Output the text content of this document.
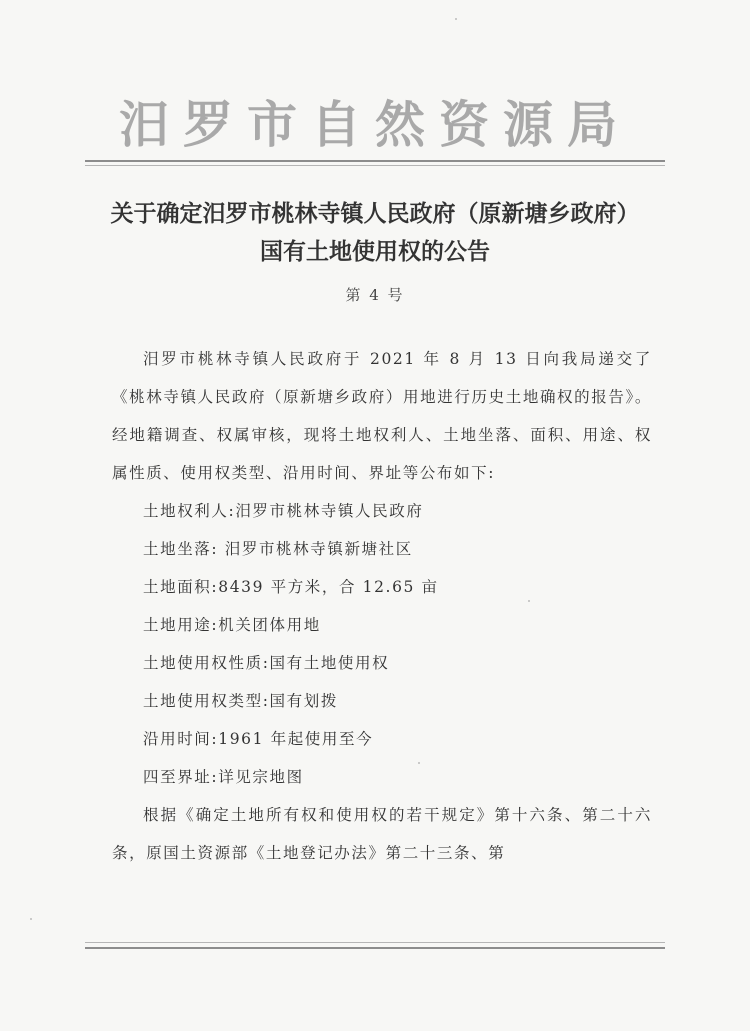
汨罗市自然资源局
关于确定汨罗市桃林寺镇人民政府（原新塘乡政府）国有土地使用权的公告
第 4 号

汨罗市桃林寺镇人民政府于 2021 年 8 月 13 日向我局递交了《桃林寺镇人民政府（原新塘乡政府）用地进行历史土地确权的报告》。经地籍调查、权属审核，现将土地权利人、土地坐落、面积、用途、权属性质、使用权类型、沿用时间、界址等公布如下:

土地权利人:汨罗市桃林寺镇人民政府

土地坐落: 汨罗市桃林寺镇新塘社区

土地面积:8439 平方米，合 12.65 亩

土地用途:机关团体用地

土地使用权性质:国有土地使用权

土地使用权类型:国有划拨

沿用时间:1961 年起使用至今

四至界址:详见宗地图

根据《确定土地所有权和使用权的若干规定》第十六条、第二十六条，原国土资源部《土地登记办法》第二十三条、第
